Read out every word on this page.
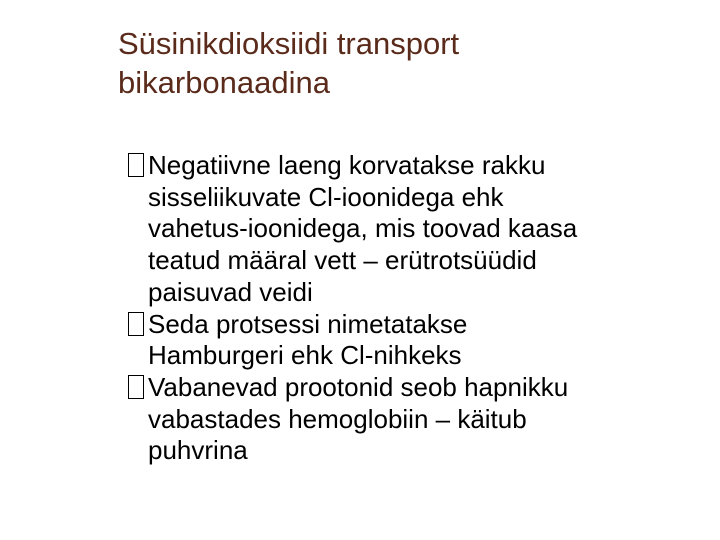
Süsinikdioksiidi transport
bikarbonaadina
Negatiivne laeng korvatakse rakku
sisseliikuvate Cl-ioonidega ehk
vahetus-ioonidega, mis toovad kaasa
teatud määral vett – erütrotsüüdid
paisuvad veidi
Seda protsessi nimetatakse
Hamburgeri ehk Cl-nihkeks
Vabanevad prootonid seob hapnikku
vabastades hemoglobiin – käitub
puhvrina
